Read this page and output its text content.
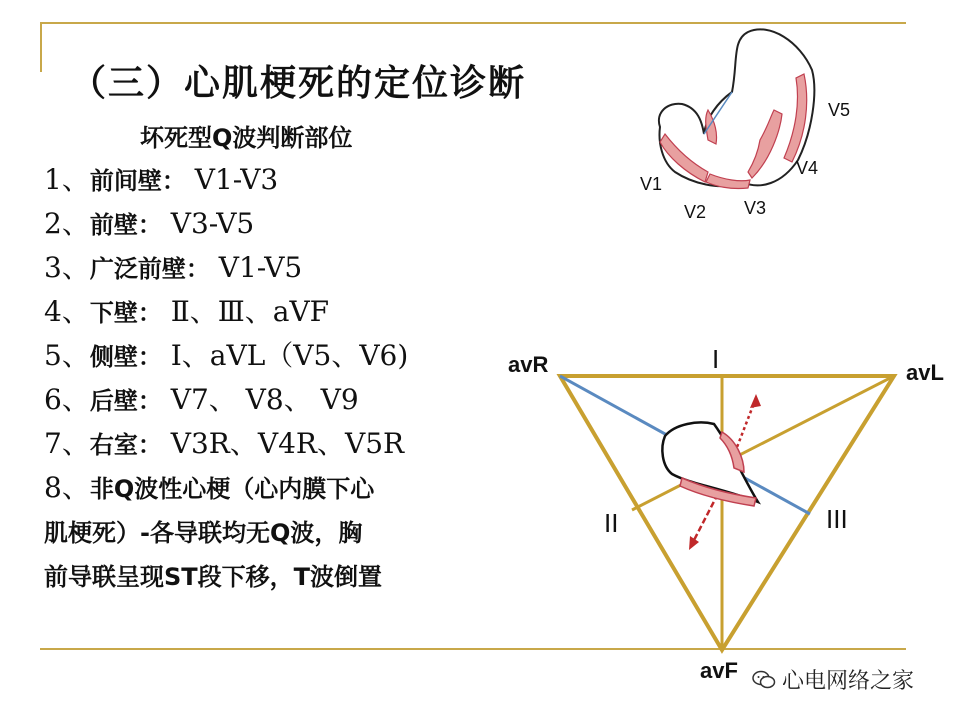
（三）心肌梗死的定位诊断
坏死型Q波判断部位
1、前间壁： V1-V3
2、前壁： V3-V5
3、广泛前壁： V1-V5
4、下壁： Ⅱ、Ⅲ、aVF
5、侧壁： Ⅰ、aVL（V5、V6)
6、后壁： V7、 V8、 V9
7、右室： V3R、V4R、V5R
8、非Q波性心梗（心内膜下心
肌梗死）-各导联均无Q波，胸
前导联呈现ST段下移，T波倒置
V1
V2 V3
V4
V5
I
II	III
avR	avL
avF 心电网络之家
